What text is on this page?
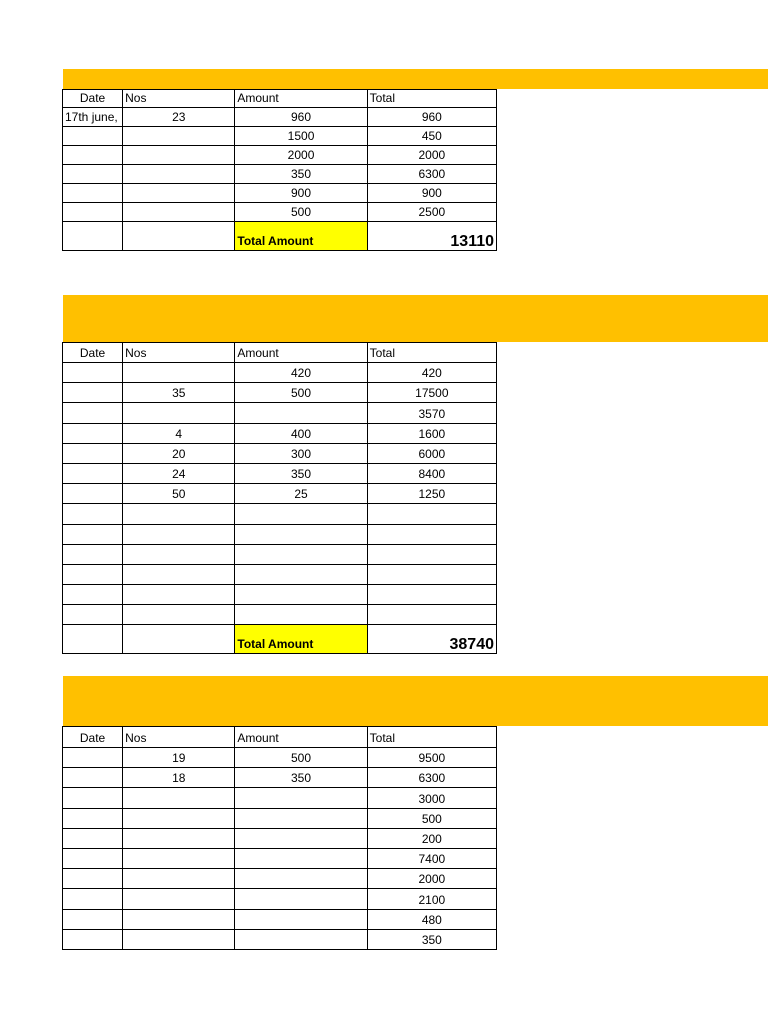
Date	Nos	Amount	Total
17th june,	23	960	960
		1500	450
		2000	2000
		350	6300
		900	900
		500	2500
		Total Amount	13110
Date	Nos	Amount	Total
		420	420
	35	500	17500
			3570
	4	400	1600
	20	300	6000
	24	350	8400
	50	25	1250

		Total Amount	38740
Date	Nos	Amount	Total
	19	500	9500
	18	350	6300
			3000
			500
			200
			7400
			2000
			2100
			480
			350
